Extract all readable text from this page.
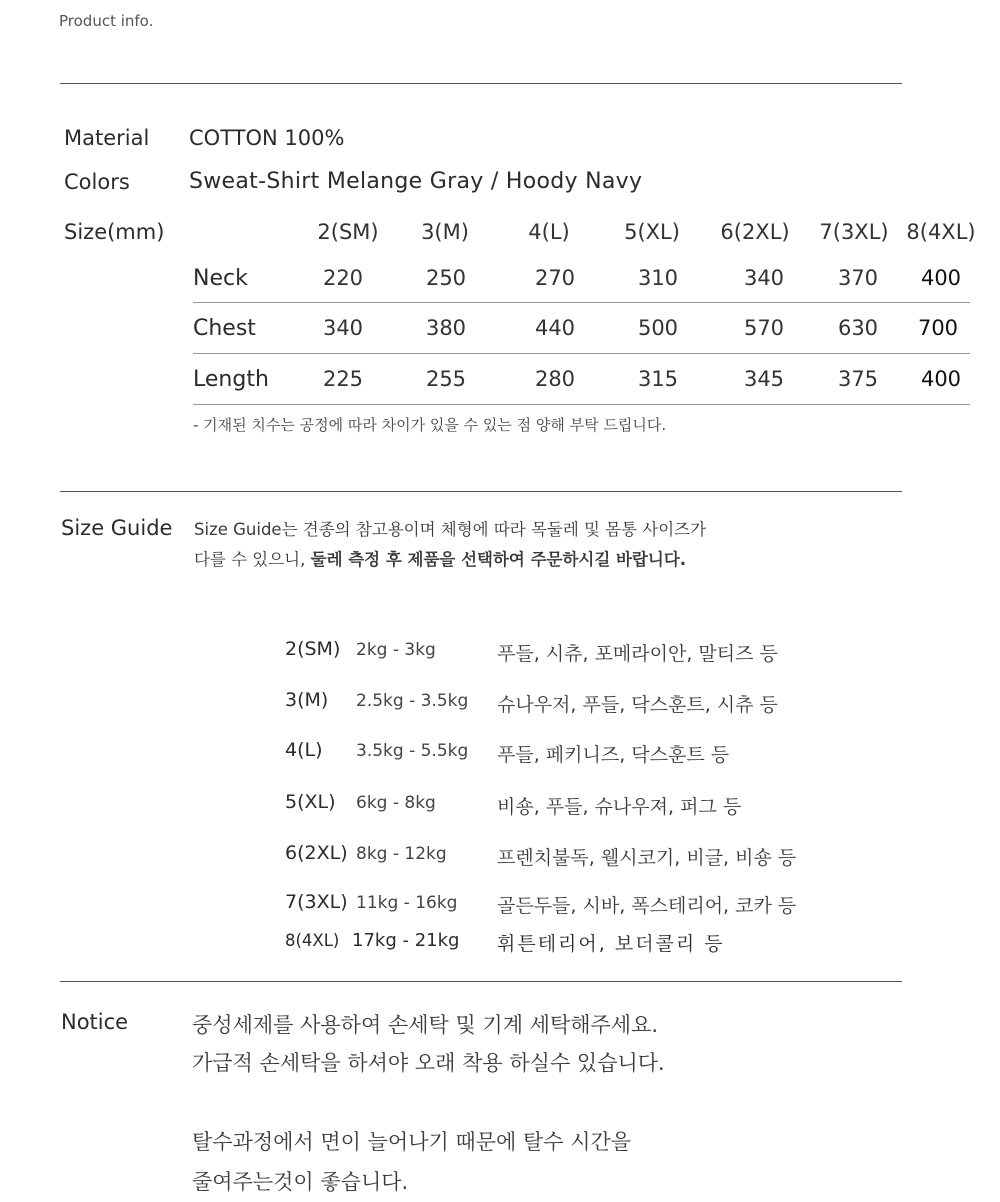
Product info.
Material COTTON 100%
Colors	Sweat-Shirt Melange Gray / Hoody Navy
Size(mm)	2(SM)	3(M)	4(L)	5(XL)	6(2XL)	7(3XL) 8(4XL)
Neck	220	250	270	310	340	370	400
Chest	340	380	440	500	570	630	700
Length	225	255	280	315	345	375	400
- 기재된 치수는 공정에 따라 차이가 있을 수 있는 점 양해 부탁 드립니다.
Size Guide Size Guide는 견종의 참고용이며 체형에 따라 목둘레 및 몸통 사이즈가
다를 수 있으니, 둘레 측정 후 제품을 선택하여 주문하시길 바랍니다.
2(SM) 2kg - 3kg	푸들, 시츄, 포메라이안, 말티즈 등
3(M) 2.5kg - 3.5kg 슈나우저, 푸들, 닥스훈트, 시츄 등
4(L) 3.5kg - 5.5kg 푸들, 페키니즈, 닥스훈트 등
5(XL) 6kg - 8kg	비숑, 푸들, 슈나우져, 퍼그 등
6(2XL) 8kg - 12kg	프렌치불독, 웰시코기, 비글, 비숑 등
7(3XL) 11kg - 16kg 골든두들, 시바, 폭스테리어, 코카 등
8(4XL) 17kg - 21kg 휘튼테리어, 보더콜리 등
Notice	중성세제를 사용하여 손세탁 및 기계 세탁해주세요.
가급적 손세탁을 하셔야 오래 착용 하실수 있습니다.
탈수과정에서 면이 늘어나기 때문에 탈수 시간을
줄여주는것이 좋습니다.
